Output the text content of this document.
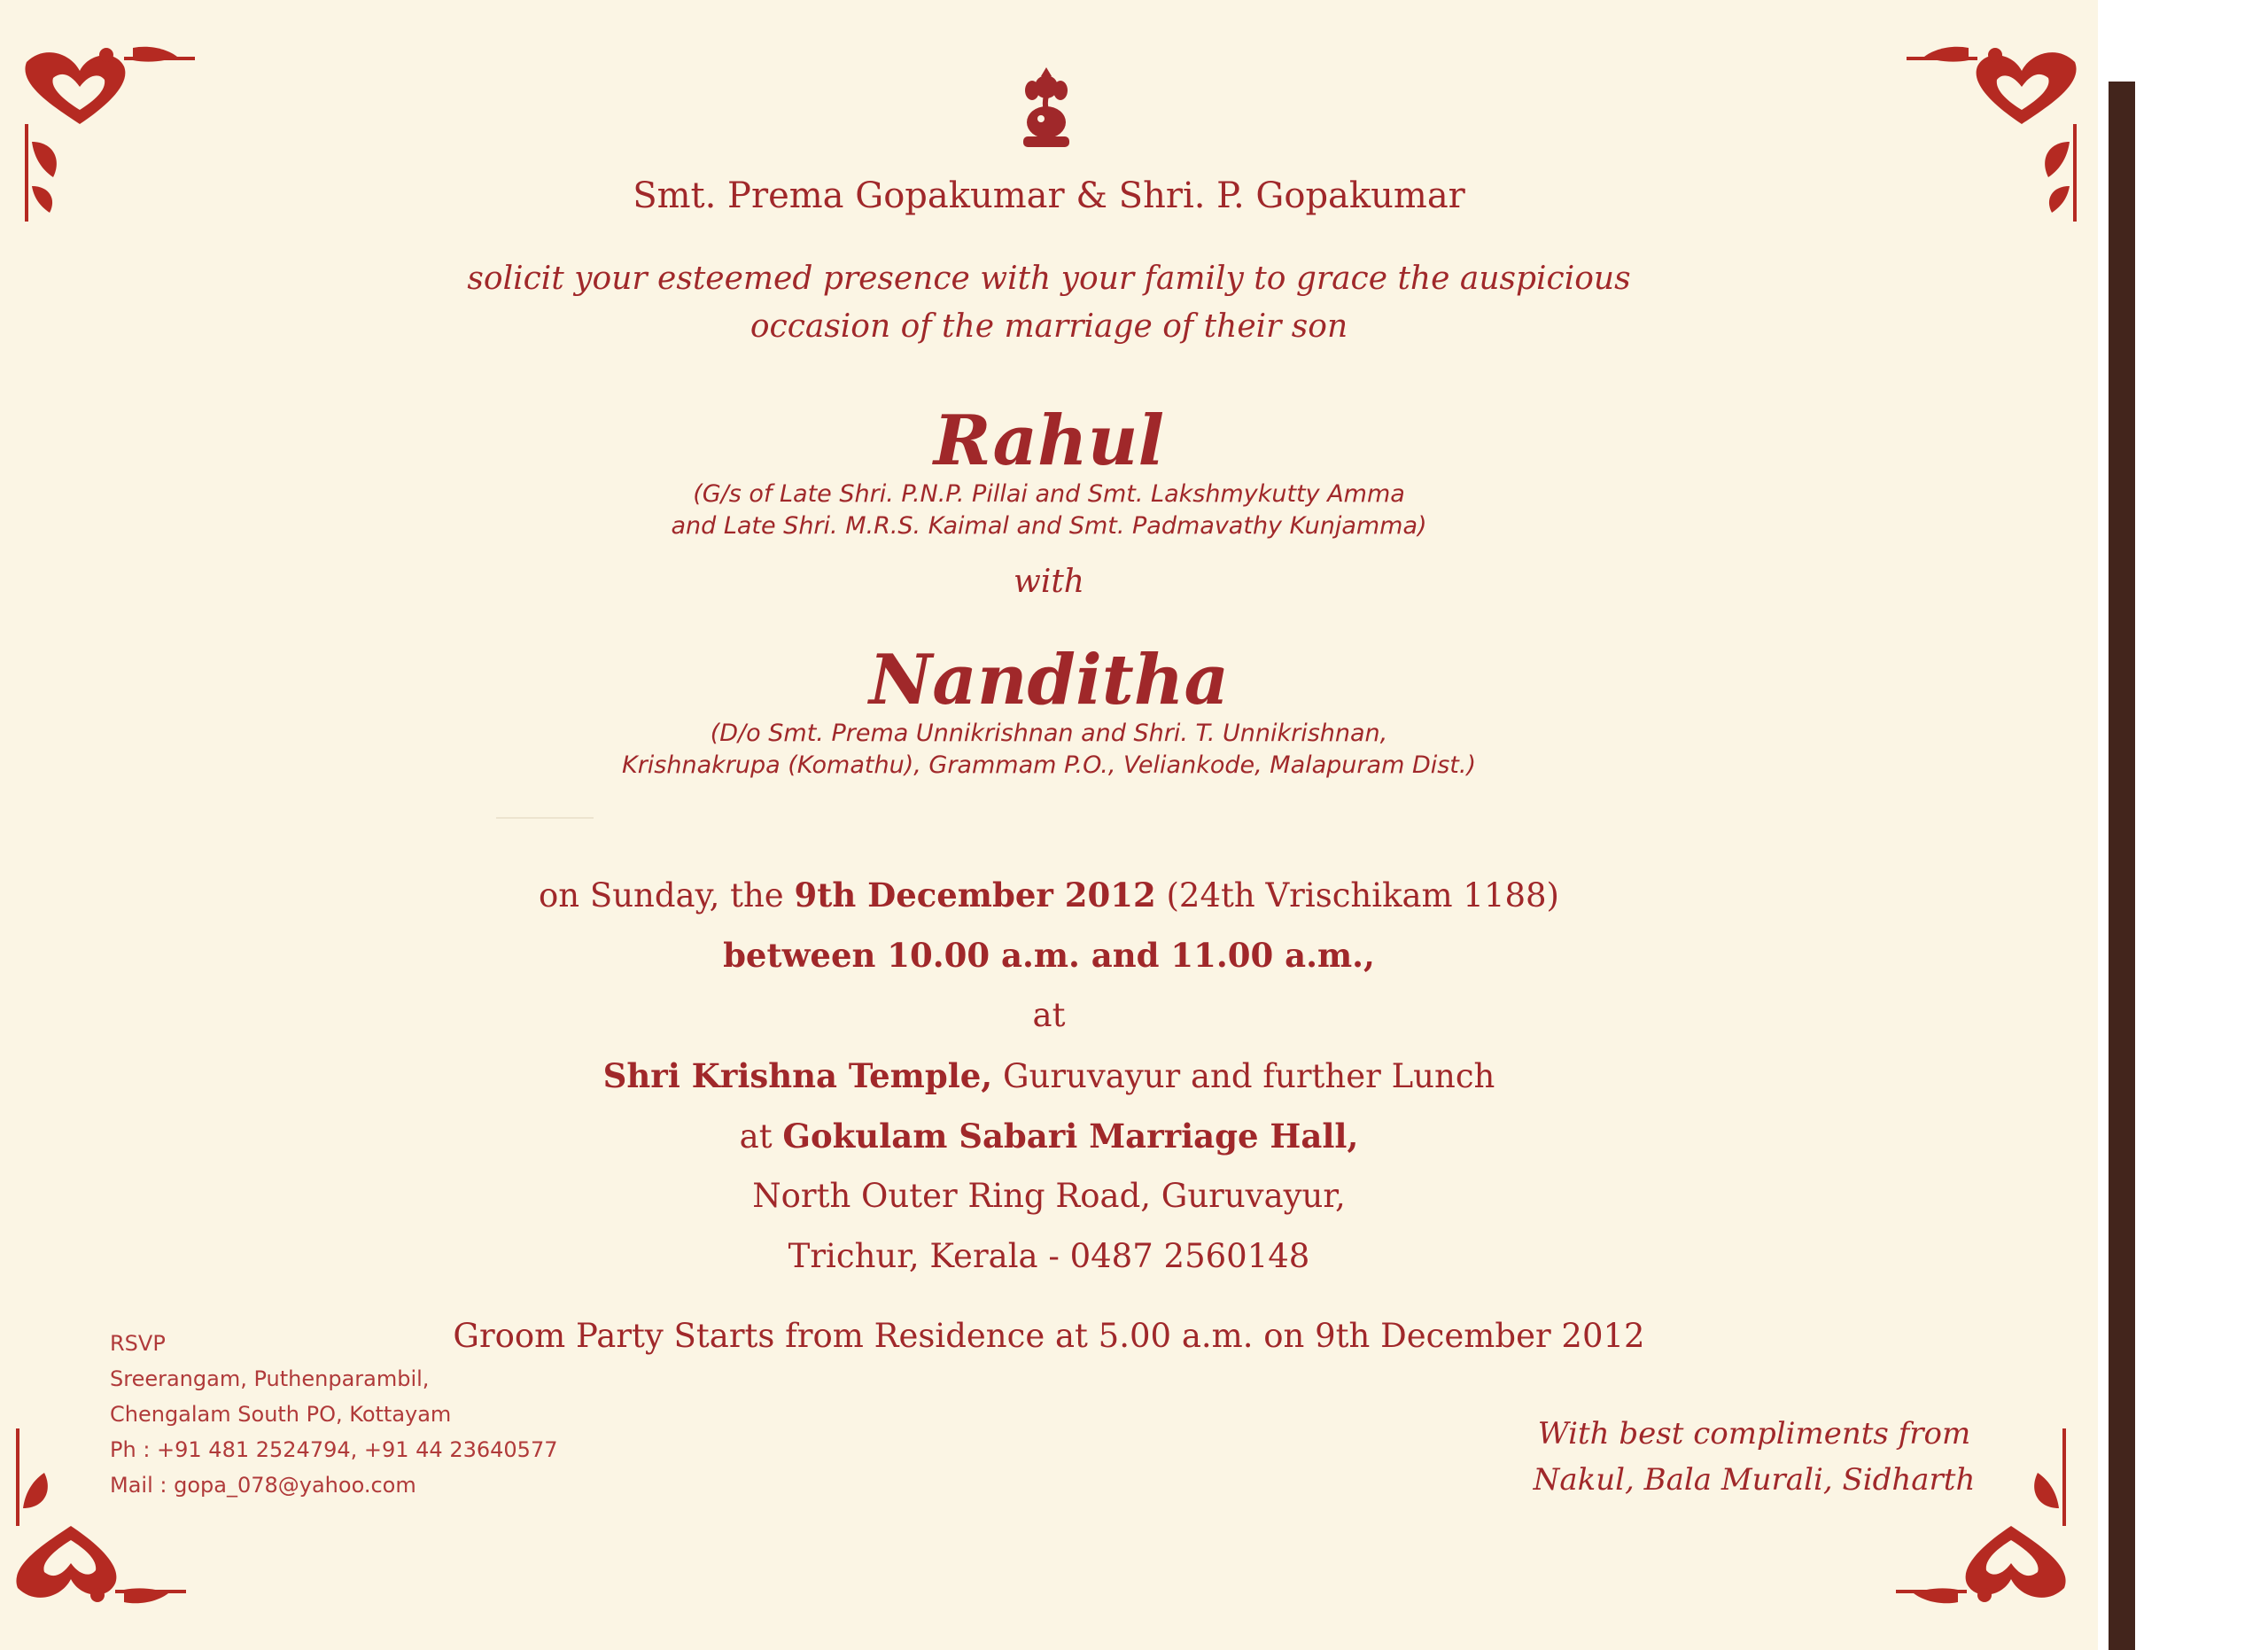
Smt. Prema Gopakumar & Shri. P. Gopakumar
solicit your esteemed presence with your family to grace the auspicious
occasion of the marriage of their son
Rahul
(G/s of Late Shri. P.N.P. Pillai and Smt. Lakshmykutty Amma
and Late Shri. M.R.S. Kaimal and Smt. Padmavathy Kunjamma)
with
Nanditha
(D/o Smt. Prema Unnikrishnan and Shri. T. Unnikrishnan,
Krishnakrupa (Komathu), Grammam P.O., Veliankode, Malapuram Dist.)
on Sunday, the 9th December 2012 (24th Vrischikam 1188)
between 10.00 a.m. and 11.00 a.m.,
at
Shri Krishna Temple, Guruvayur and further Lunch
at Gokulam Sabari Marriage Hall,
North Outer Ring Road, Guruvayur,
Trichur, Kerala - 0487 2560148
Groom Party Starts from Residence at 5.00 a.m. on 9th December 2012
RSVP
Sreerangam, Puthenparambil,
Chengalam South PO, Kottayam
Ph : +91 481 2524794, +91 44 23640577
Mail : gopa_078@yahoo.com
With best compliments from
Nakul, Bala Murali, Sidharth
